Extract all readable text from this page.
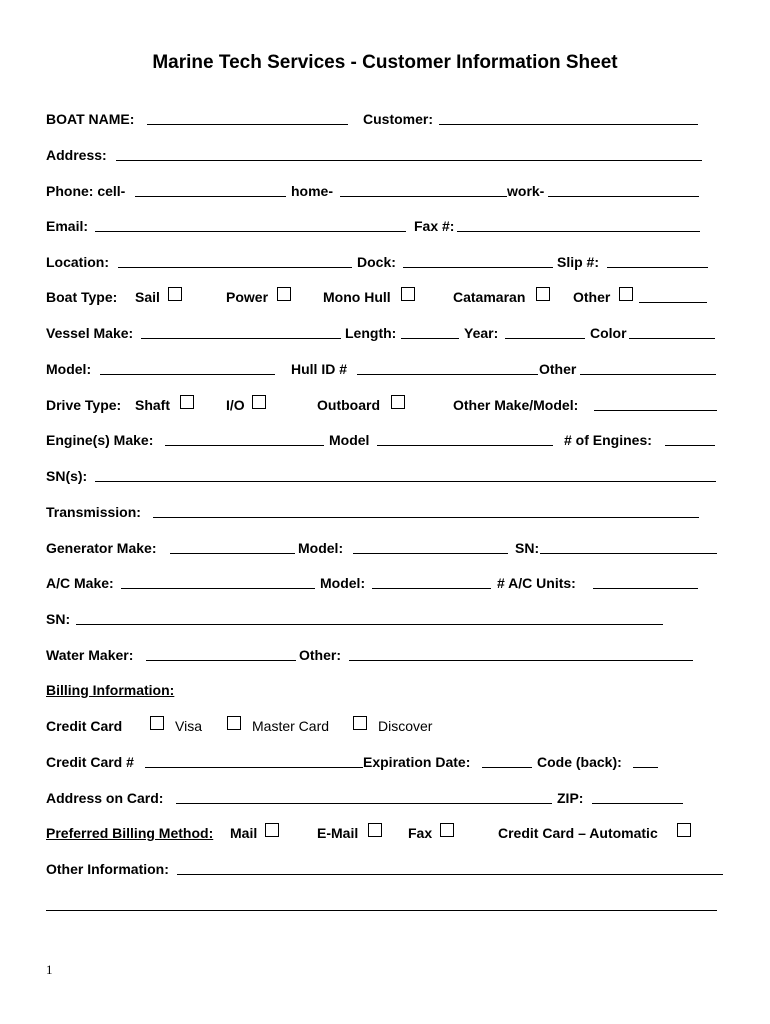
Marine Tech Services - Customer Information Sheet
BOAT NAME:	Customer:
Address:
Phone: cell-	home-	work-
Email:	Fax #:
Location:	Dock:	Slip #:
Boat Type: Sail	Power	Mono Hull	Catamaran	Other
Vessel Make:	Length:	Year:	Color
Model:	Hull ID #	Other
Drive Type: Shaft	I/O	Outboard	Other Make/Model:
Engine(s) Make:	Model	# of Engines:
SN(s):
Transmission:
Generator Make:	Model:	SN:
A/C Make:	Model:	# A/C Units:
SN:
Water Maker:	Other:
Billing Information:
Credit Card	Visa	Master Card	Discover
Credit Card #	Expiration Date:	Code (back):
Address on Card:	ZIP:
Preferred Billing Method: Mail	E-Mail	Fax	Credit Card – Automatic
Other Information:
1
